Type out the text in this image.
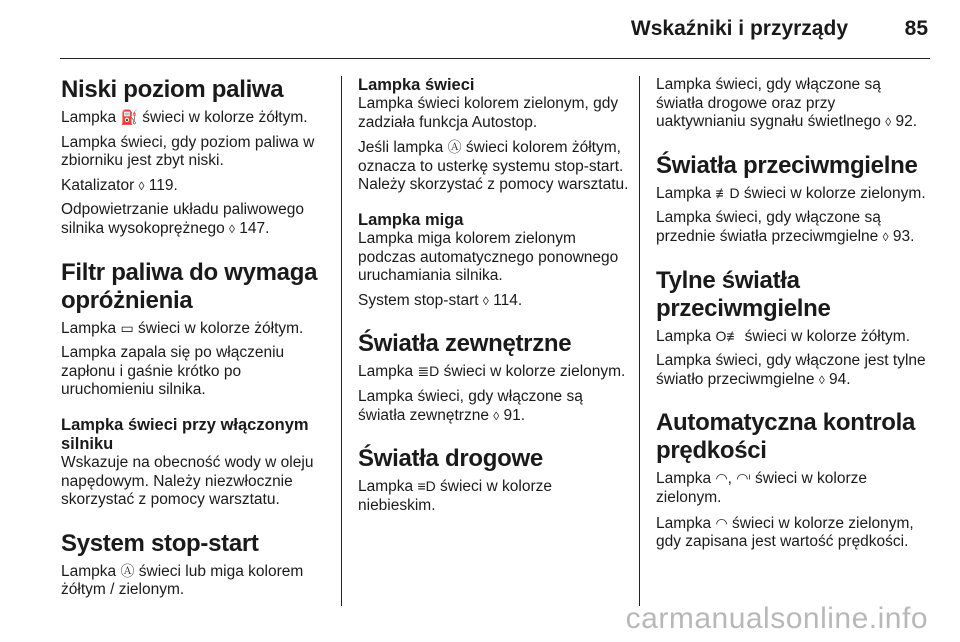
Wskaźniki i przyrządy	85
Niski poziom paliwa

Lampka ⛽ świeci w kolorze żółtym.

Lampka świeci, gdy poziom paliwa w zbiorniku jest zbyt niski.

Katalizator ◊ 119.

Odpowietrzanie układu paliwowego silnika wysokoprężnego ◊ 147.

Filtr paliwa do wymaga opróżnienia

Lampka ▭ świeci w kolorze żółtym.

Lampka zapala się po włączeniu zapłonu i gaśnie krótko po uruchomieniu silnika.

Lampka świeci przy włączonym silniku

Wskazuje na obecność wody w oleju napędowym. Należy niezwłocznie skorzystać z pomocy warsztatu.

System stop-start

Lampka Ⓐ świeci lub miga kolorem żółtym / zielonym.

Lampka świeci

Lampka świeci kolorem zielonym, gdy zadziała funkcja Autostop.

Jeśli lampka Ⓐ świeci kolorem żółtym, oznacza to usterkę systemu stop-start. Należy skorzystać z pomocy warsztatu.

Lampka miga

Lampka miga kolorem zielonym podczas automatycznego ponownego uruchamiania silnika.

System stop-start ◊ 114.

Światła zewnętrzne

Lampka ≣D świeci w kolorze zielonym.

Lampka świeci, gdy włączone są światła zewnętrzne ◊ 91.

Światła drogowe

Lampka ≡D świeci w kolorze niebieskim.

Lampka świeci, gdy włączone są światła drogowe oraz przy uaktywnianiu sygnału świetlnego ◊ 92.

Światła przeciwmgielne

Lampka ≢D świeci w kolorze zielonym.

Lampka świeci, gdy włączone są przednie światła przeciwmgielne ◊ 93.

Tylne światła przeciwmgielne

Lampka O≢ świeci w kolorze żółtym.

Lampka świeci, gdy włączone jest tylne światło przeciwmgielne ◊ 94.

Automatyczna kontrola prędkości

Lampka ◠, ◠ᶦ świeci w kolorze zielonym.

Lampka ◠ świeci w kolorze zielonym, gdy zapisana jest wartość prędkości.

carmanualsonline.info
